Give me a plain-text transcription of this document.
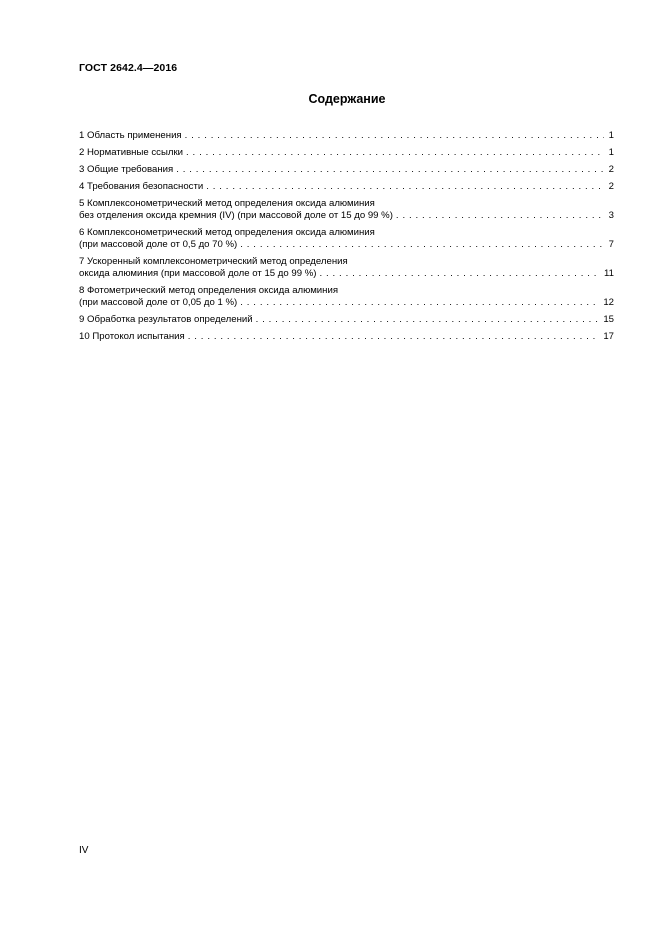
ГОСТ 2642.4—2016
Содержание
1 Область применения . . .	1
2 Нормативные ссылки . . .	1
3 Общие требования . . .	2
4 Требования безопасности . . .	2
5 Комплексонометрический метод определения оксида алюминия
без отделения оксида кремния (IV) (при массовой доле от 15 до 99 %) . . .	3
6 Комплексонометрический метод определения оксида алюминия
(при массовой доле от 0,5 до 70 %) . . .	7
7 Ускоренный комплексонометрический метод определения
оксида алюминия (при массовой доле от 15 до 99 %) . . .	11
8 Фотометрический метод определения оксида алюминия
(при массовой доле от 0,05 до 1 %) . . .	12
9 Обработка результатов определений . . .	15
10 Протокол испытания . . .	17
IV
